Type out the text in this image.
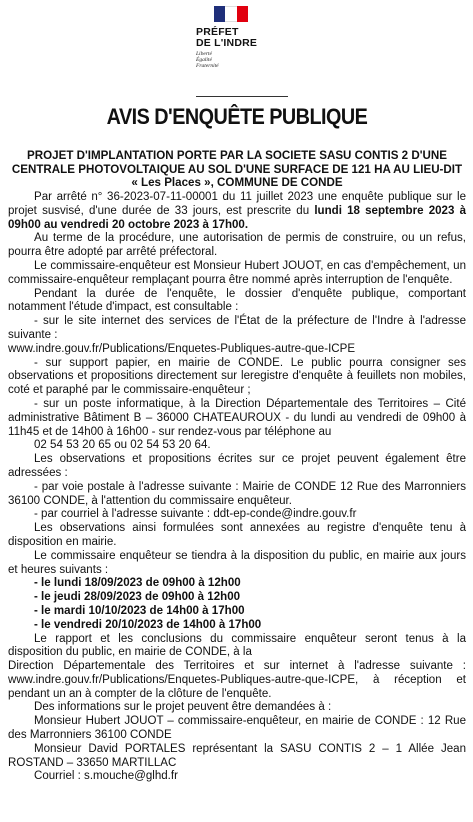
PRÉFET
DE L'INDRE
Liberté
Égalité
Fraternité
AVIS D'ENQUÊTE PUBLIQUE
PROJET D'IMPLANTATION PORTE PAR LA SOCIETE SASU CONTIS 2 D'UNE CENTRALE PHOTOVOLTAIQUE AU SOL D'UNE SURFACE DE 121 HA AU LIEU-DIT « Les Places », COMMUNE DE CONDE

Par arrêté n° 36-2023-07-11-00001 du 11 juillet 2023 une enquête publique sur le projet susvisé, d'une durée de 33 jours, est prescrite du lundi 18 septembre 2023 à 09h00 au vendredi 20 octobre 2023 à 17h00.

Au terme de la procédure, une autorisation de permis de construire, ou un refus, pourra être adopté par arrêté préfectoral.

Le commissaire-enquêteur est Monsieur Hubert JOUOT, en cas d'empêchement, un commissaire-enquêteur remplaçant pourra être nommé après interruption de l'enquête.

Pendant la durée de l'enquête, le dossier d'enquête publique, comportant notamment l'étude d'impact, est consultable :

- sur le site internet des services de l'État de la préfecture de l'Indre à l'adresse suivante :

www.indre.gouv.fr/Publications/Enquetes-Publiques-autre-que-ICPE

- sur support papier, en mairie de CONDE. Le public pourra consigner ses observations et propositions directement sur leregistre d'enquête à feuillets non mobiles, coté et paraphé par le commissaire-enquêteur ;

- sur un poste informatique, à la Direction Départementale des Territoires – Cité administrative Bâtiment B – 36000 CHATEAUROUX - du lundi au vendredi de 09h00 à 11h45 et de 14h00 à 16h00 - sur rendez-vous par téléphone au

02 54 53 20 65 ou 02 54 53 20 64.

Les observations et propositions écrites sur ce projet peuvent également être adressées :

- par voie postale à l'adresse suivante : Mairie de CONDE 12 Rue des Marronniers 36100 CONDE, à l'attention du commissaire enquêteur.

- par courriel à l'adresse suivante : ddt-ep-conde@indre.gouv.fr

Les observations ainsi formulées sont annexées au registre d'enquête tenu à disposition en mairie.

Le commissaire enquêteur se tiendra à la disposition du public, en mairie aux jours et heures suivants :

- le lundi 18/09/2023 de 09h00 à 12h00

- le jeudi 28/09/2023 de 09h00 à 12h00

- le mardi 10/10/2023 de 14h00 à 17h00

- le vendredi 20/10/2023 de 14h00 à 17h00

Le rapport et les conclusions du commissaire enquêteur seront tenus à la disposition du public, en mairie de CONDE, à la

Direction Départementale des Territoires et sur internet à l'adresse suivante : www.indre.gouv.fr/Publications/Enquetes-Publiques-autre-que-ICPE, à réception et pendant un an à compter de la clôture de l'enquête.

Des informations sur le projet peuvent être demandées à :

Monsieur Hubert JOUOT – commissaire-enquêteur, en mairie de CONDE : 12 Rue des Marronniers 36100 CONDE

Monsieur David PORTALES représentant la SASU CONTIS 2 – 1 Allée Jean ROSTAND – 33650 MARTILLAC

Courriel : s.mouche@glhd.fr
